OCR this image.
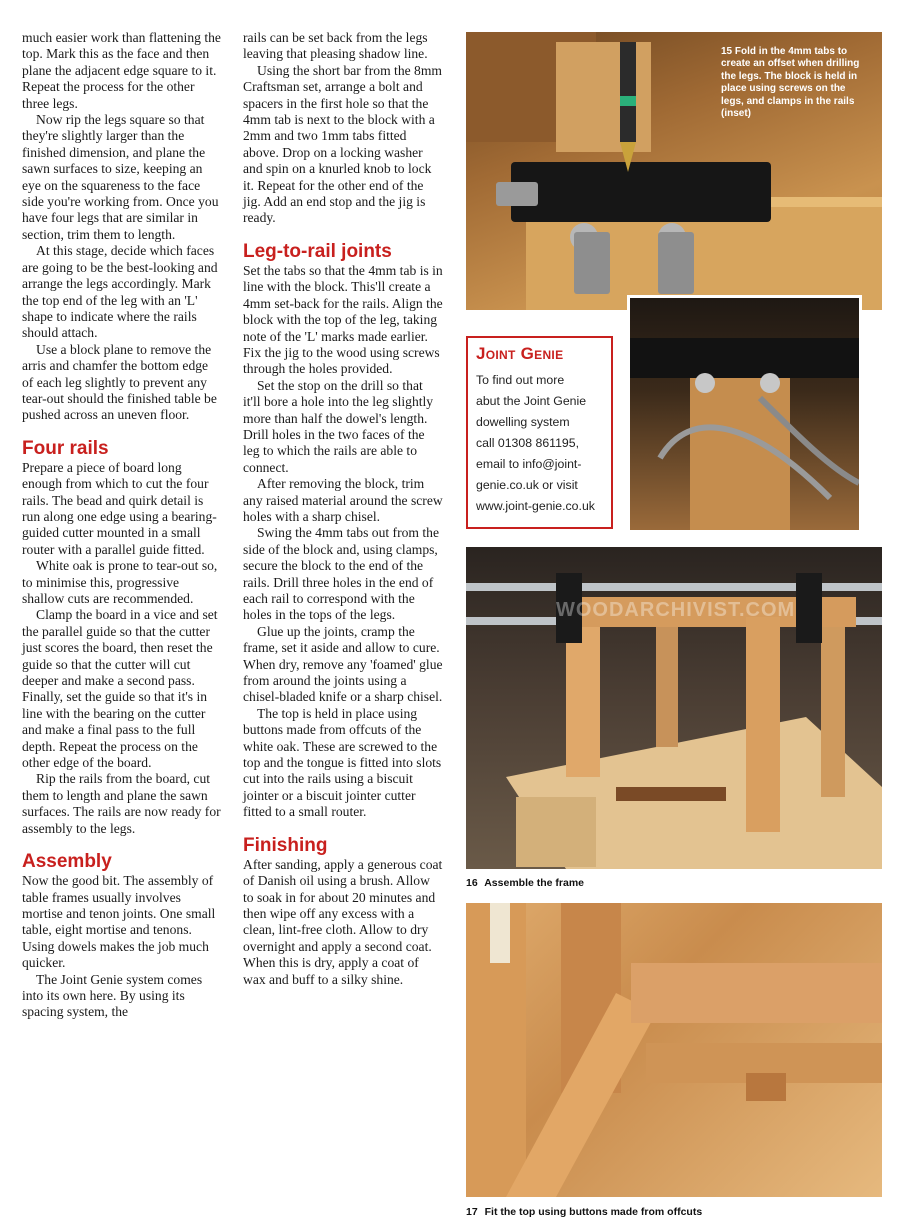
much easier work than flattening the top. Mark this as the face and then plane the adjacent edge square to it. Repeat the process for the other three legs.

Now rip the legs square so that they're slightly larger than the finished dimension, and plane the sawn surfaces to size, keeping an eye on the squareness to the face side you're working from. Once you have four legs that are similar in section, trim them to length.

At this stage, decide which faces are going to be the best-looking and arrange the legs accordingly. Mark the top end of the leg with an 'L' shape to indicate where the rails should attach.

Use a block plane to remove the arris and chamfer the bottom edge of each leg slightly to prevent any tear-out should the finished table be pushed across an uneven floor.

Four rails

Prepare a piece of board long enough from which to cut the four rails. The bead and quirk detail is run along one edge using a bearing-guided cutter mounted in a small router with a parallel guide fitted.

White oak is prone to tear-out so, to minimise this, progressive shallow cuts are recommended.

Clamp the board in a vice and set the parallel guide so that the cutter just scores the board, then reset the guide so that the cutter will cut deeper and make a second pass. Finally, set the guide so that it's in line with the bearing on the cutter and make a final pass to the full depth. Repeat the process on the other edge of the board.

Rip the rails from the board, cut them to length and plane the sawn surfaces. The rails are now ready for assembly to the legs.

Assembly

Now the good bit. The assembly of table frames usually involves mortise and tenon joints. One small table, eight mortise and tenons. Using dowels makes the job much quicker.

The Joint Genie system comes into its own here. By using its spacing system, the

rails can be set back from the legs leaving that pleasing shadow line.

Using the short bar from the 8mm Craftsman set, arrange a bolt and spacers in the first hole so that the 4mm tab is next to the block with a 2mm and two 1mm tabs fitted above. Drop on a locking washer and spin on a knurled knob to lock it. Repeat for the other end of the jig. Add an end stop and the jig is ready.

Leg-to-rail joints

Set the tabs so that the 4mm tab is in line with the block. This'll create a 4mm set-back for the rails. Align the block with the top of the leg, taking note of the 'L' marks made earlier. Fix the jig to the wood using screws through the holes provided.

Set the stop on the drill so that it'll bore a hole into the leg slightly more than half the dowel's length. Drill holes in the two faces of the leg to which the rails are able to connect.

After removing the block, trim any raised material around the screw holes with a sharp chisel.

Swing the 4mm tabs out from the side of the block and, using clamps, secure the block to the end of the rails. Drill three holes in the end of each rail to correspond with the holes in the tops of the legs.

Glue up the joints, cramp the frame, set it aside and allow to cure. When dry, remove any 'foamed' glue from around the joints using a chisel-bladed knife or a sharp chisel.

The top is held in place using buttons made from offcuts of the white oak. These are screwed to the top and the tongue is fitted into slots cut into the rails using a biscuit jointer or a biscuit jointer cutter fitted to a small router.

Finishing

After sanding, apply a generous coat of Danish oil using a brush. Allow to soak in for about 20 minutes and then wipe off any excess with a clean, lint-free cloth. Allow to dry overnight and apply a second coat. When this is dry, apply a coat of wax and buff to a silky shine.

15 Fold in the 4mm tabs to create an offset when drilling the legs. The block is held in place using screws on the legs, and clamps in the rails (inset)
Joint Genie
To find out more
abut the Joint Genie
dowelling system
call 01308 861195,
email to info@joint-
genie.co.uk or visit
www.joint-genie.co.uk
WOODARCHIVIST.COM
16 Assemble the frame
17 Fit the top using buttons made from offcuts
